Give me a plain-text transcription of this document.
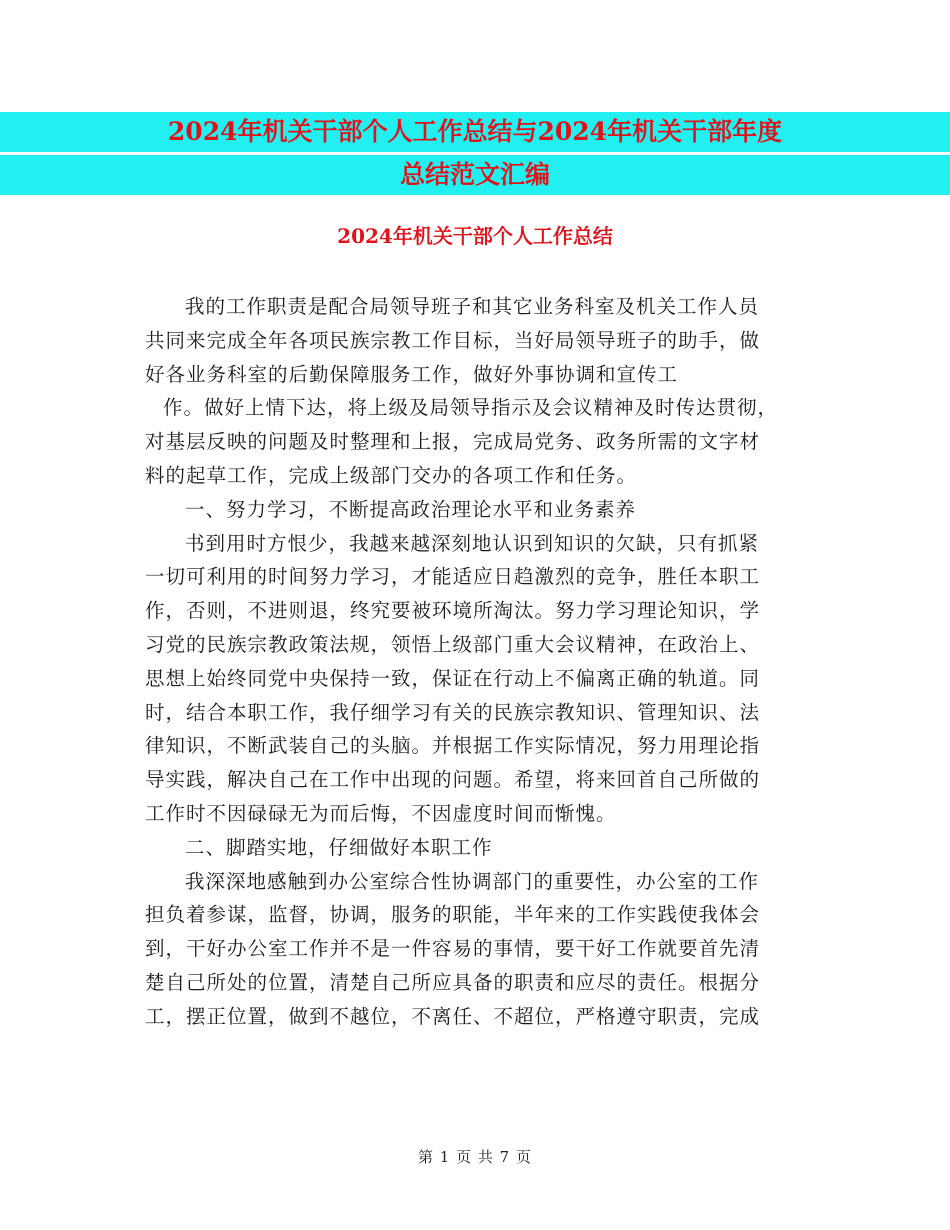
2024年机关干部个人工作总结与2024年机关干部年度
总结范文汇编
2024年机关干部个人工作总结
我的工作职责是配合局领导班子和其它业务科室及机关工作人员
共同来完成全年各项民族宗教工作目标，当好局领导班子的助手，做
好各业务科室的后勤保障服务工作，做好外事协调和宣传工
作。做好上情下达，将上级及局领导指示及会议精神及时传达贯彻，
对基层反映的问题及时整理和上报，完成局党务、政务所需的文字材
料的起草工作，完成上级部门交办的各项工作和任务。
一、努力学习，不断提高政治理论水平和业务素养
书到用时方恨少，我越来越深刻地认识到知识的欠缺，只有抓紧
一切可利用的时间努力学习，才能适应日趋激烈的竞争，胜任本职工
作，否则，不进则退，终究要被环境所淘汰。努力学习理论知识，学
习党的民族宗教政策法规，领悟上级部门重大会议精神，在政治上、
思想上始终同党中央保持一致，保证在行动上不偏离正确的轨道。同
时，结合本职工作，我仔细学习有关的民族宗教知识、管理知识、法
律知识，不断武装自己的头脑。并根据工作实际情况，努力用理论指
导实践，解决自己在工作中出现的问题。希望，将来回首自己所做的
工作时不因碌碌无为而后悔，不因虚度时间而惭愧。
二、脚踏实地，仔细做好本职工作
我深深地感触到办公室综合性协调部门的重要性，办公室的工作
担负着参谋，监督，协调，服务的职能，半年来的工作实践使我体会
到，干好办公室工作并不是一件容易的事情，要干好工作就要首先清
楚自己所处的位置，清楚自己所应具备的职责和应尽的责任。根据分
工，摆正位置，做到不越位，不离任、不超位，严格遵守职责，完成
第 1 页 共 7 页
